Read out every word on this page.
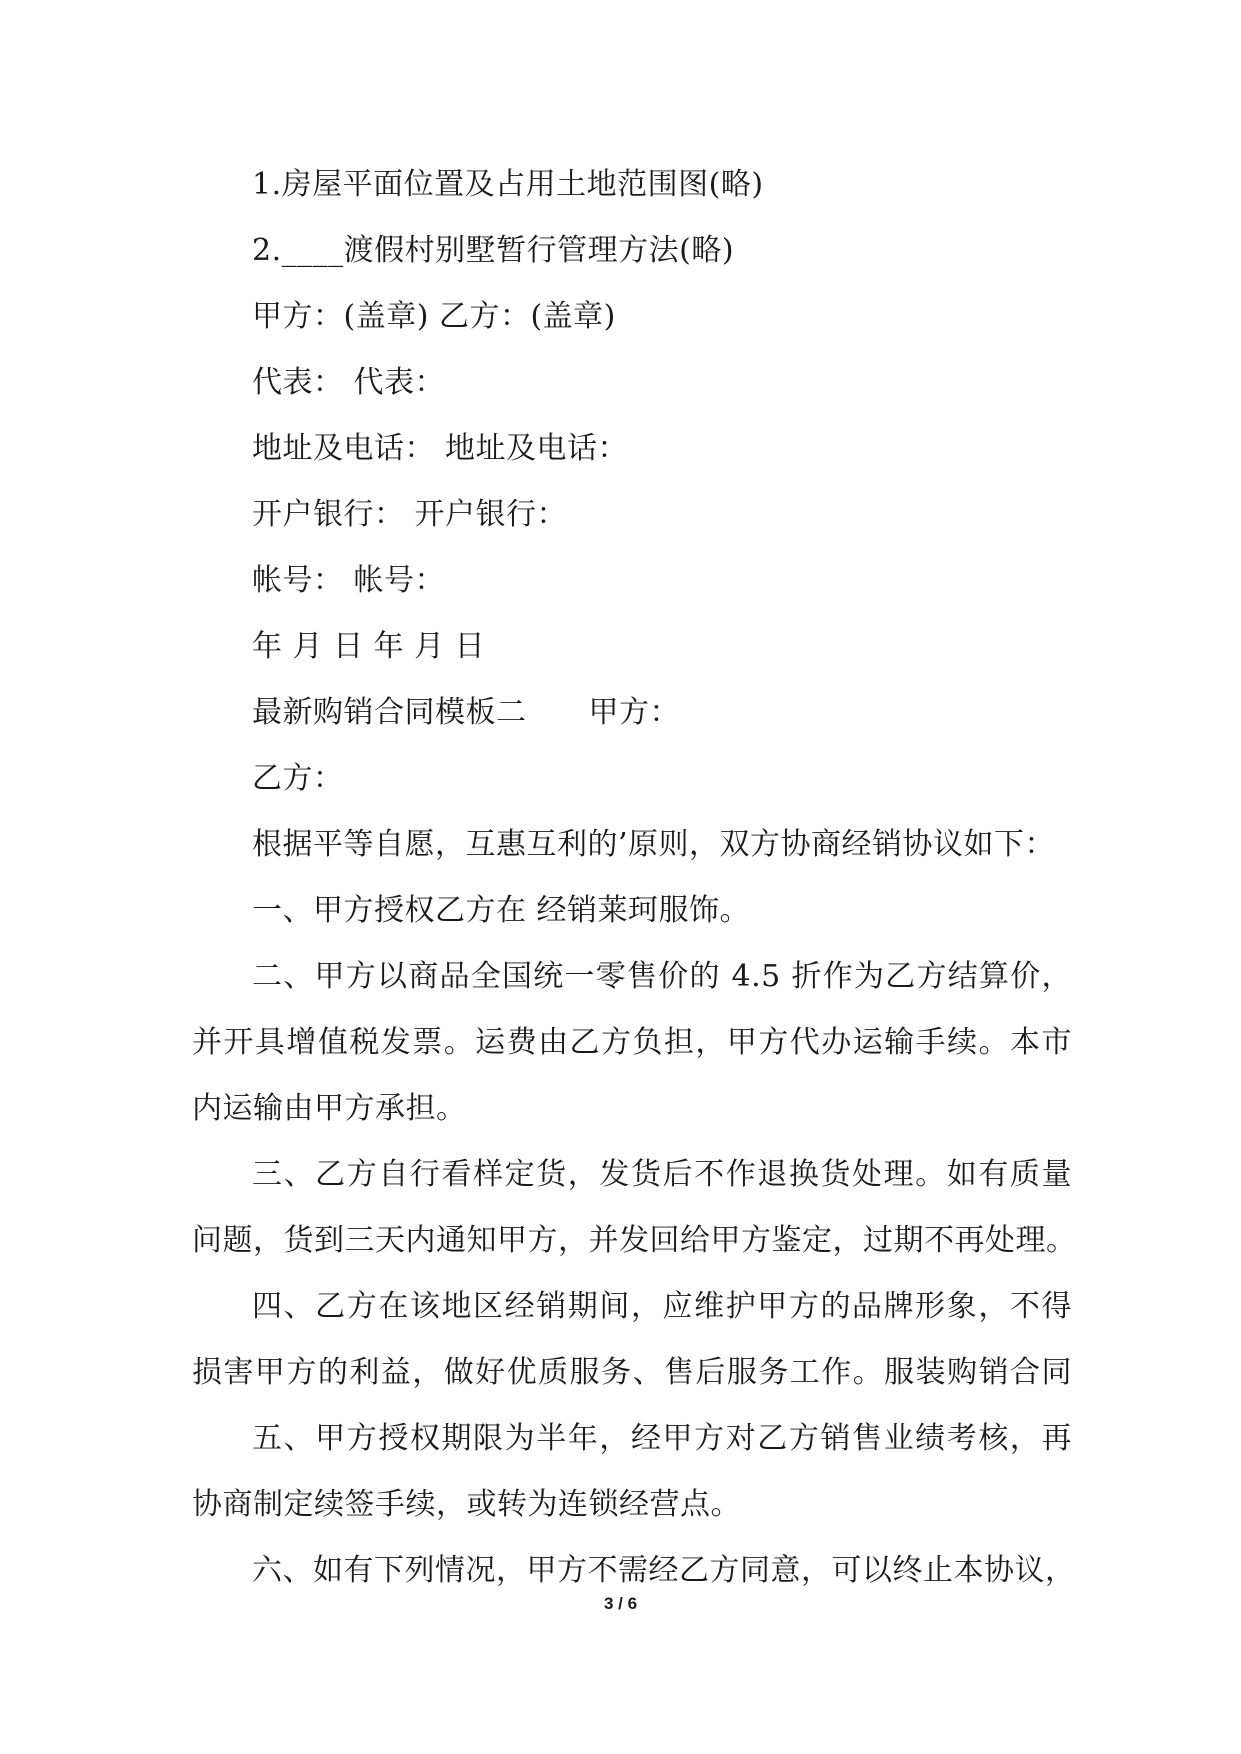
1.房屋平面位置及占用土地范围图(略)
2.____渡假村别墅暂行管理方法(略)
甲方：(盖章) 乙方：(盖章)
代表： 代表：
地址及电话： 地址及电话：
开户银行： 开户银行：
帐号： 帐号：
年 月 日 年 月 日
最新购销合同模板二 甲方：
乙方：
根据平等自愿，互惠互利的’原则，双方协商经销协议如下：
一、甲方授权乙方在 经销莱珂服饰。
二、甲方以商品全国统一零售价的 4.5 折作为乙方结算价，
并开具增值税发票。运费由乙方负担，甲方代办运输手续。本市
内运输由甲方承担。
三、乙方自行看样定货，发货后不作退换货处理。如有质量
问题，货到三天内通知甲方，并发回给甲方鉴定，过期不再处理。
四、乙方在该地区经销期间，应维护甲方的品牌形象，不得
损害甲方的利益，做好优质服务、售后服务工作。服装购销合同
五、甲方授权期限为半年，经甲方对乙方销售业绩考核，再
协商制定续签手续，或转为连锁经营点。
六、如有下列情况，甲方不需经乙方同意，可以终止本协议，
3 / 6
